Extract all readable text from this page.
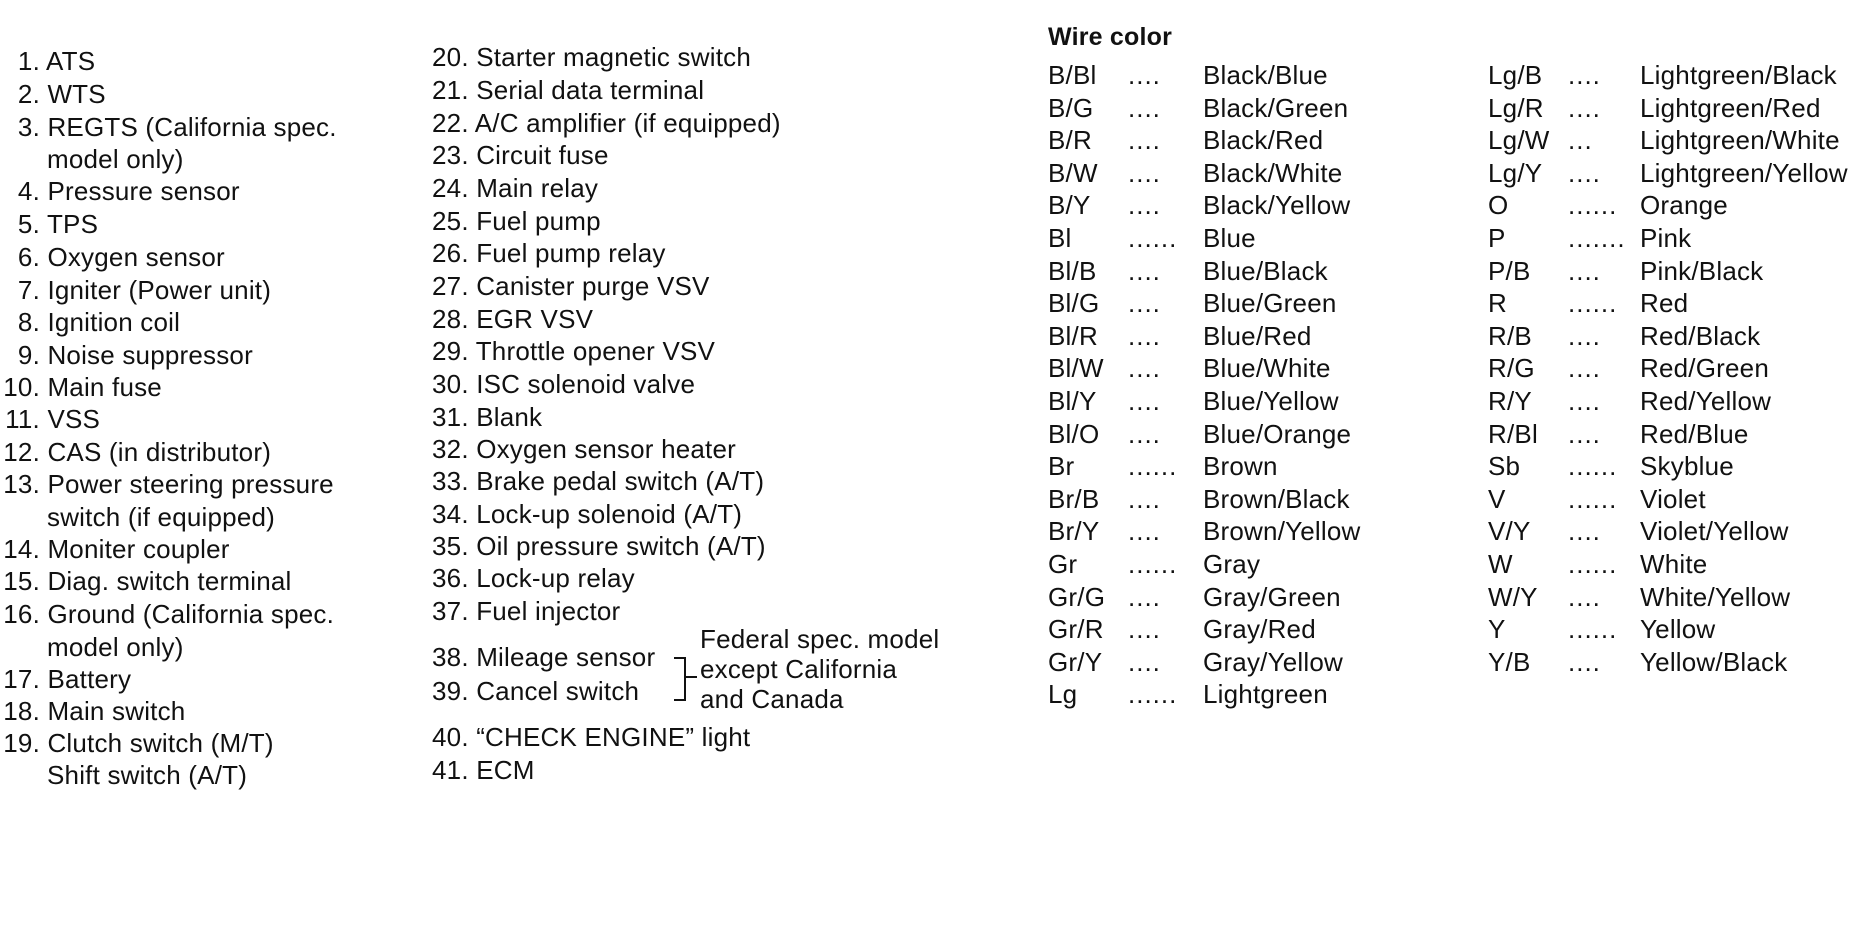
1. ATS
2. WTS
3. REGTS (California spec.
model only)
4. Pressure sensor
5. TPS
6. Oxygen sensor
7. Igniter (Power unit)
8. Ignition coil
9. Noise suppressor
10. Main fuse
11. VSS
12. CAS (in distributor)
13. Power steering pressure
switch (if equipped)
14. Moniter coupler
15. Diag. switch terminal
16. Ground (California spec.
model only)
17. Battery
18. Main switch
19. Clutch switch (M/T)
Shift switch (A/T)
20. Starter magnetic switch
21. Serial data terminal
22. A/C amplifier (if equipped)
23. Circuit fuse
24. Main relay
25. Fuel pump
26. Fuel pump relay
27. Canister purge VSV
28. EGR VSV
29. Throttle opener VSV
30. ISC solenoid valve
31. Blank
32. Oxygen sensor heater
33. Brake pedal switch (A/T)
34. Lock-up solenoid (A/T)
35. Oil pressure switch (A/T)
36. Lock-up relay
37. Fuel injector
38. Mileage sensor
39. Cancel switch
Federal spec. model
except California
and Canada
40. “CHECK ENGINE” light
41. ECM
Wire color
B/Bl .... Black/Blue
B/G .... Black/Green
B/R .... Black/Red
B/W .... Black/White
B/Y .... Black/Yellow
Bl ...... Blue
Bl/B .... Blue/Black
Bl/G .... Blue/Green
Bl/R .... Blue/Red
Bl/W .... Blue/White
Bl/Y .... Blue/Yellow
Bl/O .... Blue/Orange
Br ...... Brown
Br/B .... Brown/Black
Br/Y .... Brown/Yellow
Gr ...... Gray
Gr/G .... Gray/Green
Gr/R .... Gray/Red
Gr/Y .... Gray/Yellow
Lg ...... Lightgreen
Lg/B .... Lightgreen/Black
Lg/R .... Lightgreen/Red
Lg/W ... Lightgreen/White
Lg/Y .... Lightgreen/Yellow
O ...... Orange
P ....... Pink
P/B .... Pink/Black
R ...... Red
R/B .... Red/Black
R/G .... Red/Green
R/Y .... Red/Yellow
R/Bl .... Red/Blue
Sb ...... Skyblue
V ...... Violet
V/Y .... Violet/Yellow
W ...... White
W/Y .... White/Yellow
Y ...... Yellow
Y/B .... Yellow/Black
